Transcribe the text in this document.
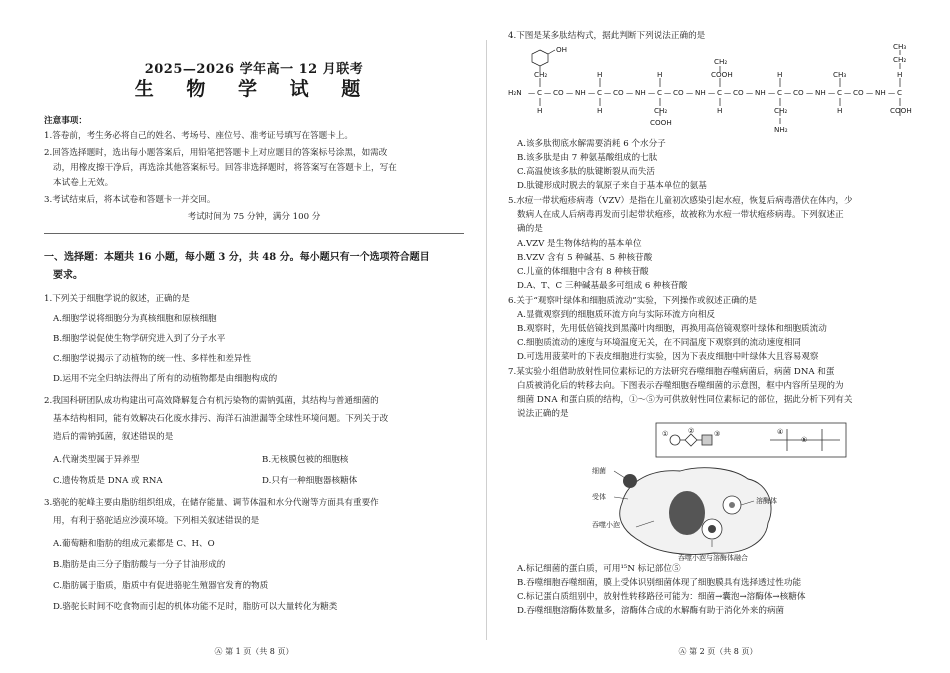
2025—2026 学年高一 12 月联考
生 物 学 试 题
注意事项：
1.答卷前，考生务必将自己的姓名、考场号、座位号、准考证号填写在答题卡上。
2.回答选择题时，选出每小题答案后，用铅笔把答题卡上对应题目的答案标号涂黑，如需改
动，用橡皮擦干净后，再选涂其他答案标号。回答非选择题时，将答案写在答题卡上，写在
本试卷上无效。
3.考试结束后，将本试卷和答题卡一并交回。
考试时间为 75 分钟，满分 100 分
一、选择题：本题共 16 小题，每小题 3 分，共 48 分。每小题只有一个选项符合题目
要求。
1.下列关于细胞学说的叙述，正确的是
A.细胞学说将细胞分为真核细胞和原核细胞
B.细胞学说促使生物学研究进入到了分子水平
C.细胞学说揭示了动植物的统一性、多样性和差异性
D.运用不完全归纳法得出了所有的动植物都是由细胞构成的
2.我国科研团队成功构建出可高效降解复合有机污染物的需钠弧菌，其结构与普通细菌的
基本结构相同，能有效解决石化废水排污、海洋石油泄漏等全球性环境问题。下列关于改
造后的需钠弧菌，叙述错误的是
A.代谢类型属于异养型	B.无核膜包被的细胞核
C.遗传物质是 DNA 或 RNA	D.只有一种细胞器核糖体
3.骆驼的驼峰主要由脂肪组织组成，在储存能量、调节体温和水分代谢等方面具有重要作
用，有利于骆驼适应沙漠环境。下列相关叙述错误的是
A.葡萄糖和脂肪的组成元素都是 C、H、O
B.脂肪是由三分子脂肪酸与一分子甘油形成的
C.脂肪属于脂质，脂质中有促进骆驼生殖器官发育的物质
D.骆驼长时间不吃食物而引起的机体功能不足时，脂肪可以大量转化为糖类
Ⓐ 第 1 页（共 8 页）
4.下图是某多肽结构式，据此判断下列说法正确的是
H₂N — C — CO — NH — C — CO — NH — C — CO — NH — C — CO — NH — C — CO — NH — C — CO — NH — C
CH₂
OH
H
H
H
H
CH₂
COOH
COOH
CH₂
H
H
CH₂
NH₂
CH₃
H
CH₃
CH₂
H
COOH
A.该多肽彻底水解需要消耗 6 个水分子
B.该多肽是由 7 种氨基酸组成的七肽
C.高温使该多肽的肽键断裂从而失活
D.肽键形成时脱去的氧原子来自于基本单位的氨基
5.水痘一带状疱疹病毒（VZV）是指在儿童初次感染引起水痘，恢复后病毒潜伏在体内，少
数病人在成人后病毒再发而引起带状疱疹，故被称为水痘一带状疱疹病毒。下列叙述正
确的是
A.VZV 是生物体结构的基本单位
B.VZV 含有 5 种碱基、5 种核苷酸
C.儿童的体细胞中含有 8 种核苷酸
D.A、T、C 三种碱基最多可组成 6 种核苷酸
6.关于“观察叶绿体和细胞质流动”实验，下列操作或叙述正确的是
A.显微观察到的细胞质环流方向与实际环流方向相反
B.观察时，先用低倍镜找到黑藻叶肉细胞，再换用高倍镜观察叶绿体和细胞质流动
C.细胞质流动的速度与环境温度无关，在不同温度下观察到的流动速度相同
D.可选用菠菜叶的下表皮细胞进行实验，因为下表皮细胞中叶绿体大且容易观察
7.某实验小组借助放射性同位素标记的方法研究吞噬细胞吞噬病菌后，病菌 DNA 和蛋
白质被消化后的转移去向。下图表示吞噬细胞吞噬细菌的示意图，框中内容所呈现的为
细菌 DNA 和蛋白质的结构，①～⑤为可供放射性同位素标记的部位，据此分析下列有关
说法正确的是
①	②	③	④
⑤
细菌
受体
吞噬小泡
溶酶体
吞噬小泡与溶酶体融合
A.标记细菌的蛋白质，可用¹⁵N 标记部位⑤
B.吞噬细胞吞噬细菌，膜上受体识别细菌体现了细胞膜具有选择透过性功能
C.标记蛋白质组别中，放射性转移路径可能为：细菌→囊泡→溶酶体→核糖体
D.吞噬细胞溶酶体数量多，溶酶体合成的水解酶有助于消化外来的病菌
Ⓐ 第 2 页（共 8 页）
